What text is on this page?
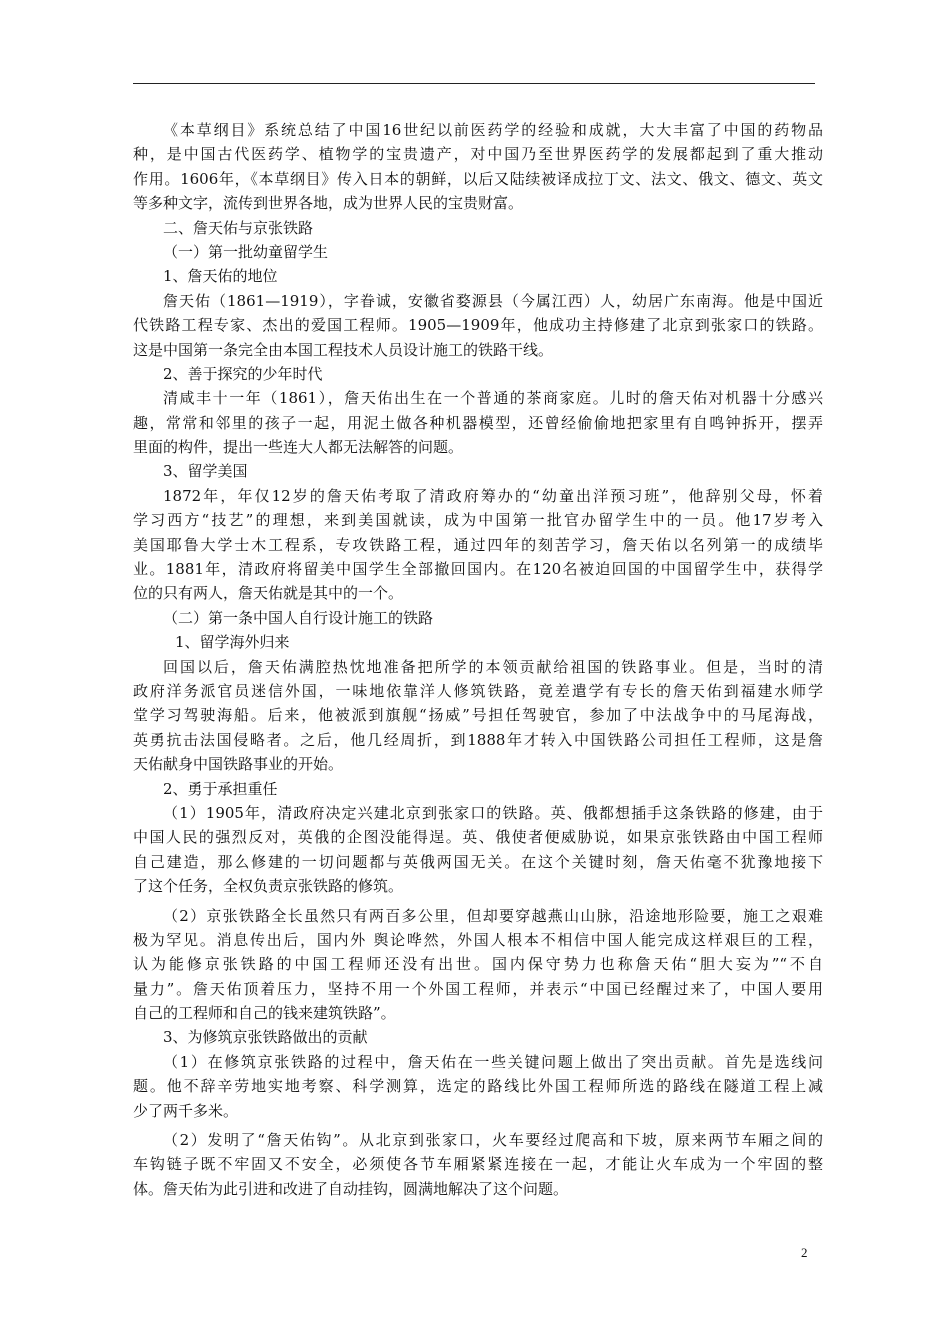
《本草纲目》系统总结了中国16世纪以前医药学的经验和成就，大大丰富了中国的药物品
种，是中国古代医药学、植物学的宝贵遗产，对中国乃至世界医药学的发展都起到了重大推动
作用。1606年，《本草纲目》传入日本的朝鲜，以后又陆续被译成拉丁文、法文、俄文、德文、英文
等多种文字，流传到世界各地，成为世界人民的宝贵财富。
二、詹天佑与京张铁路
（一）第一批幼童留学生
1、詹天佑的地位
詹天佑（1861—1919），字眷诚，安徽省婺源县（今属江西）人，幼居广东南海。他是中国近
代铁路工程专家、杰出的爱国工程师。1905—1909年，他成功主持修建了北京到张家口的铁路。
这是中国第一条完全由本国工程技术人员设计施工的铁路干线。
2、善于探究的少年时代
清咸丰十一年（1861），詹天佑出生在一个普通的茶商家庭。儿时的詹天佑对机器十分感兴
趣，常常和邻里的孩子一起，用泥土做各种机器模型，还曾经偷偷地把家里有自鸣钟拆开，摆弄
里面的构件，提出一些连大人都无法解答的问题。
3、留学美国
1872年，年仅12岁的詹天佑考取了清政府筹办的“幼童出洋预习班”，他辞别父母，怀着
学习西方“技艺”的理想，来到美国就读，成为中国第一批官办留学生中的一员。他17岁考入
美国耶鲁大学士木工程系，专攻铁路工程，通过四年的刻苦学习，詹天佑以名列第一的成绩毕
业。1881年，清政府将留美中国学生全部撤回国内。在120名被迫回国的中国留学生中，获得学
位的只有两人，詹天佑就是其中的一个。
（二）第一条中国人自行设计施工的铁路
1、留学海外归来
回国以后，詹天佑满腔热忱地准备把所学的本领贡献给祖国的铁路事业。但是，当时的清
政府洋务派官员迷信外国，一味地依靠洋人修筑铁路，竟差遣学有专长的詹天佑到福建水师学
堂学习驾驶海船。后来，他被派到旗舰“扬威”号担任驾驶官，参加了中法战争中的马尾海战，
英勇抗击法国侵略者。之后，他几经周折，到1888年才转入中国铁路公司担任工程师，这是詹
天佑献身中国铁路事业的开始。
2、勇于承担重任
（1）1905年，清政府决定兴建北京到张家口的铁路。英、俄都想插手这条铁路的修建，由于
中国人民的强烈反对，英俄的企图没能得逞。英、俄使者便威胁说，如果京张铁路由中国工程师
自己建造，那么修建的一切问题都与英俄两国无关。在这个关键时刻，詹天佑毫不犹豫地接下
了这个任务，全权负责京张铁路的修筑。
（2）京张铁路全长虽然只有两百多公里，但却要穿越燕山山脉，沿途地形险要，施工之艰难
极为罕见。消息传出后，国内外 舆论哗然，外国人根本不相信中国人能完成这样艰巨的工程，
认为能修京张铁路的中国工程师还没有出世。国内保守势力也称詹天佑“胆大妄为”“不自
量力”。詹天佑顶着压力，坚持不用一个外国工程师，并表示“中国已经醒过来了，中国人要用
自己的工程师和自己的钱来建筑铁路”。
3、为修筑京张铁路做出的贡献
（1）在修筑京张铁路的过程中，詹天佑在一些关键问题上做出了突出贡献。首先是选线问
题。他不辞辛劳地实地考察、科学测算，选定的路线比外国工程师所选的路线在隧道工程上减
少了两千多米。
（2）发明了“詹天佑钩”。从北京到张家口，火车要经过爬高和下坡，原来两节车厢之间的
车钩链子既不牢固又不安全，必须使各节车厢紧紧连接在一起，才能让火车成为一个牢固的整
体。詹天佑为此引进和改进了自动挂钩，圆满地解决了这个问题。
2
